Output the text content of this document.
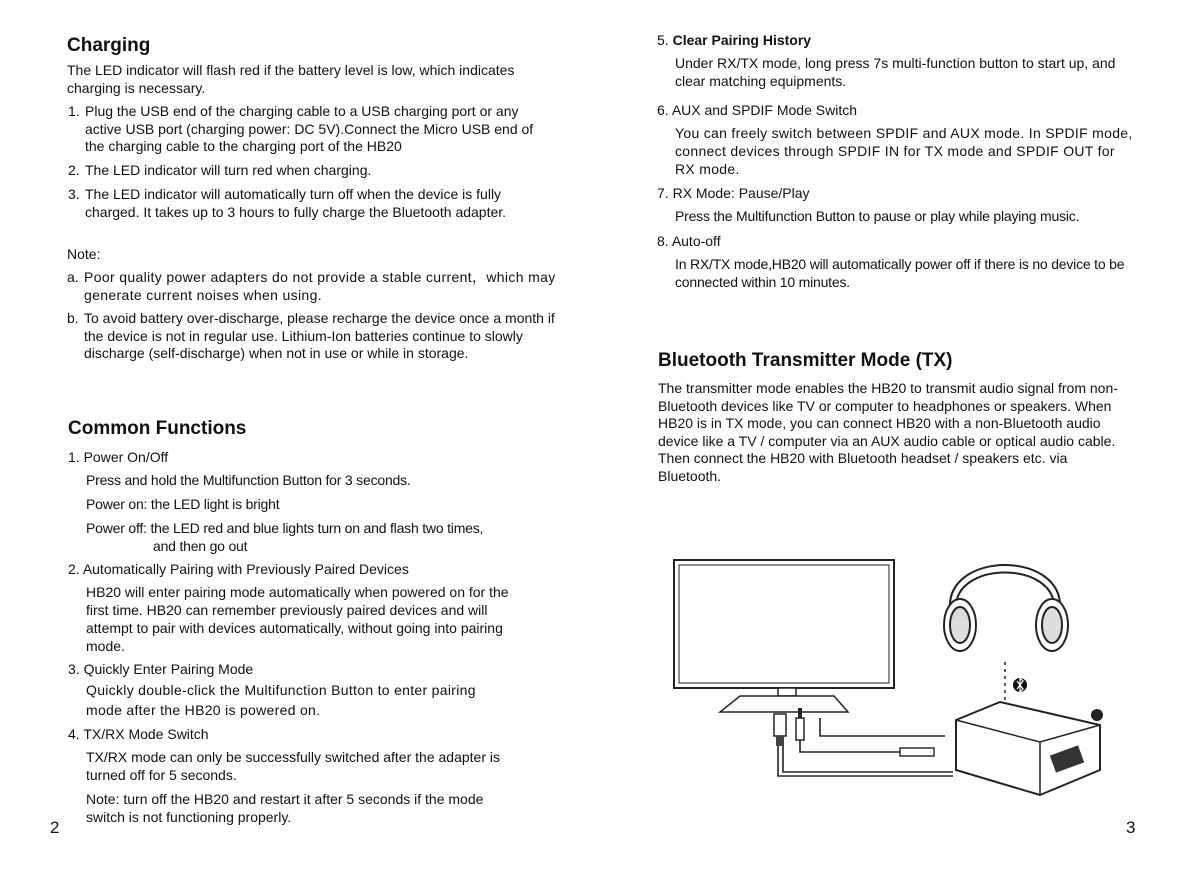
Charging

The LED indicator will flash red if the battery level is low, which indicates charging is necessary.

1. Plug the USB end of the charging cable to a USB charging port or any active USB port (charging power: DC 5V).Connect the Micro USB end of the charging cable to the charging port of the HB20
2. The LED indicator will turn red when charging.
3. The LED indicator will automatically turn off when the device is fully charged. It takes up to 3 hours to fully charge the Bluetooth adapter.
Note:
a. Poor quality power adapters do not provide a stable current，which may generate current noises when using.
b. To avoid battery over-discharge, please recharge the device once a month if the device is not in regular use. Lithium-Ion batteries continue to slowly discharge (self-discharge) when not in use or while in storage.
Common Functions
1. Power On/Off
Press and hold the Multifunction Button for 3 seconds.
Power on: the LED light is bright
Power off: the LED red and blue lights turn on and flash two times,
and then go out
2. Automatically Pairing with Previously Paired Devices
HB20 will enter pairing mode automatically when powered on for the first time. HB20 can remember previously paired devices and will attempt to pair with devices automatically, without going into pairing mode.
3. Quickly Enter Pairing Mode
Quickly double-click the Multifunction Button to enter pairing mode after the HB20 is powered on.
4. TX/RX Mode Switch
TX/RX mode can only be successfully switched after the adapter is turned off for 5 seconds.
Note: turn off the HB20 and restart it after 5 seconds if the mode switch is not functioning properly.
2
5. Clear Pairing History
Under RX/TX mode, long press 7s multi-function button to start up, and clear matching equipments.
6. AUX and SPDIF Mode Switch
You can freely switch between SPDIF and AUX mode. In SPDIF mode, connect devices through SPDIF IN for TX mode and SPDIF OUT for RX mode.
7. RX Mode: Pause/Play
Press the Multifunction Button to pause or play while playing music.
8. Auto-off
In RX/TX mode,HB20 will automatically power off if there is no device to be connected within 10 minutes.
Bluetooth Transmitter Mode (TX)

The transmitter mode enables the HB20 to transmit audio signal from non-Bluetooth devices like TV or computer to headphones or speakers. When HB20 is in TX mode, you can connect HB20 with a non-Bluetooth audio device like a TV / computer via an AUX audio cable or optical audio cable. Then connect the HB20 with Bluetooth headset / speakers etc. via Bluetooth.

3
